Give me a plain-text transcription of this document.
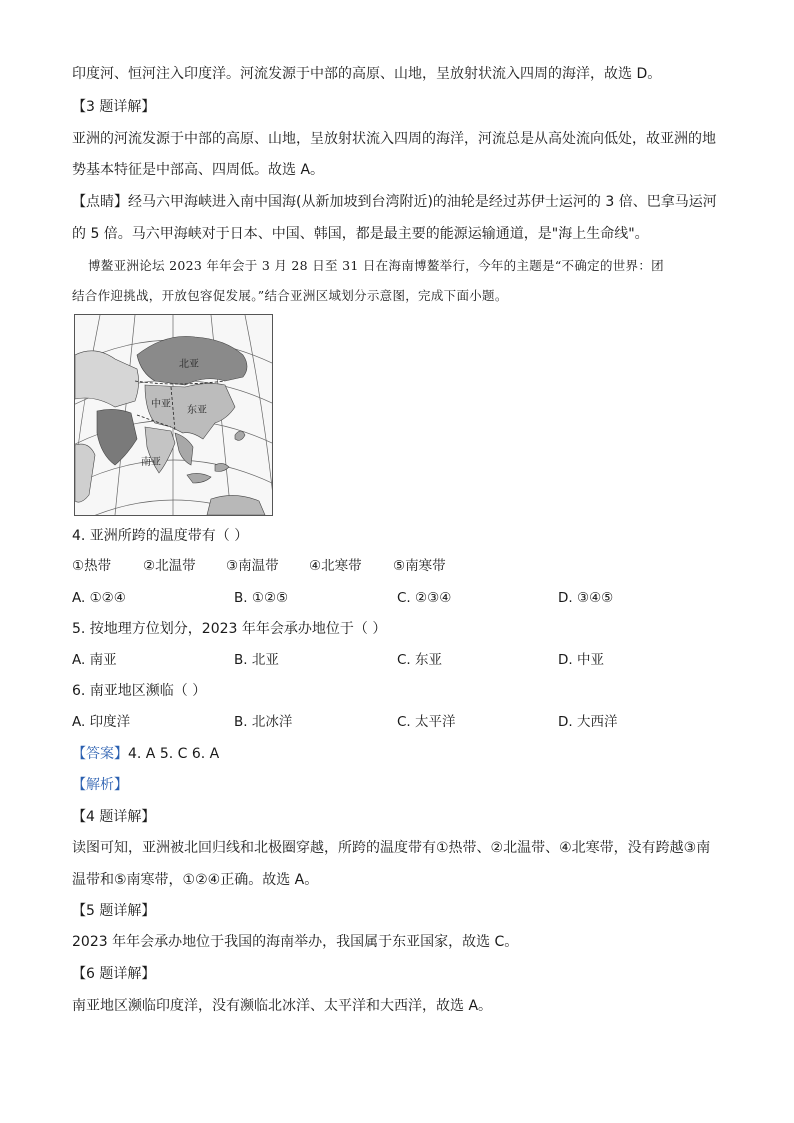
印度河、恒河注入印度洋。河流发源于中部的高原、山地，呈放射状流入四周的海洋，故选 D。
【3 题详解】
亚洲的河流发源于中部的高原、山地，呈放射状流入四周的海洋，河流总是从高处流向低处，故亚洲的地
势基本特征是中部高、四周低。故选 A。
【点睛】经马六甲海峡进入南中国海(从新加坡到台湾附近)的油轮是经过苏伊士运河的 3 倍、巴拿马运河
的 5 倍。马六甲海峡对于日本、中国、韩国，都是最主要的能源运输通道，是"海上生命线"。
博鳌亚洲论坛 2023 年年会于 3 月 28 日至 31 日在海南博鳌举行，今年的主题是“不确定的世界：团
结合作迎挑战，开放包容促发展。”结合亚洲区域划分示意图，完成下面小题。
北亚
中亚
东亚
南亚
4. 亚洲所跨的温度带有（ ）
①热带 ②北温带 ③南温带 ④北寒带 ⑤南寒带
A. ①②④	B. ①②⑤	C. ②③④	D. ③④⑤
5. 按地理方位划分，2023 年年会承办地位于（ ）
A. 南亚	B. 北亚	C. 东亚	D. 中亚
6. 南亚地区濒临（ ）
A. 印度洋	B. 北冰洋	C. 太平洋	D. 大西洋
【答案】4. A 5. C 6. A
【解析】
【4 题详解】
读图可知，亚洲被北回归线和北极圈穿越，所跨的温度带有①热带、②北温带、④北寒带，没有跨越③南
温带和⑤南寒带，①②④正确。故选 A。
【5 题详解】
2023 年年会承办地位于我国的海南举办，我国属于东亚国家，故选 C。
【6 题详解】
南亚地区濒临印度洋，没有濒临北冰洋、太平洋和大西洋，故选 A。
